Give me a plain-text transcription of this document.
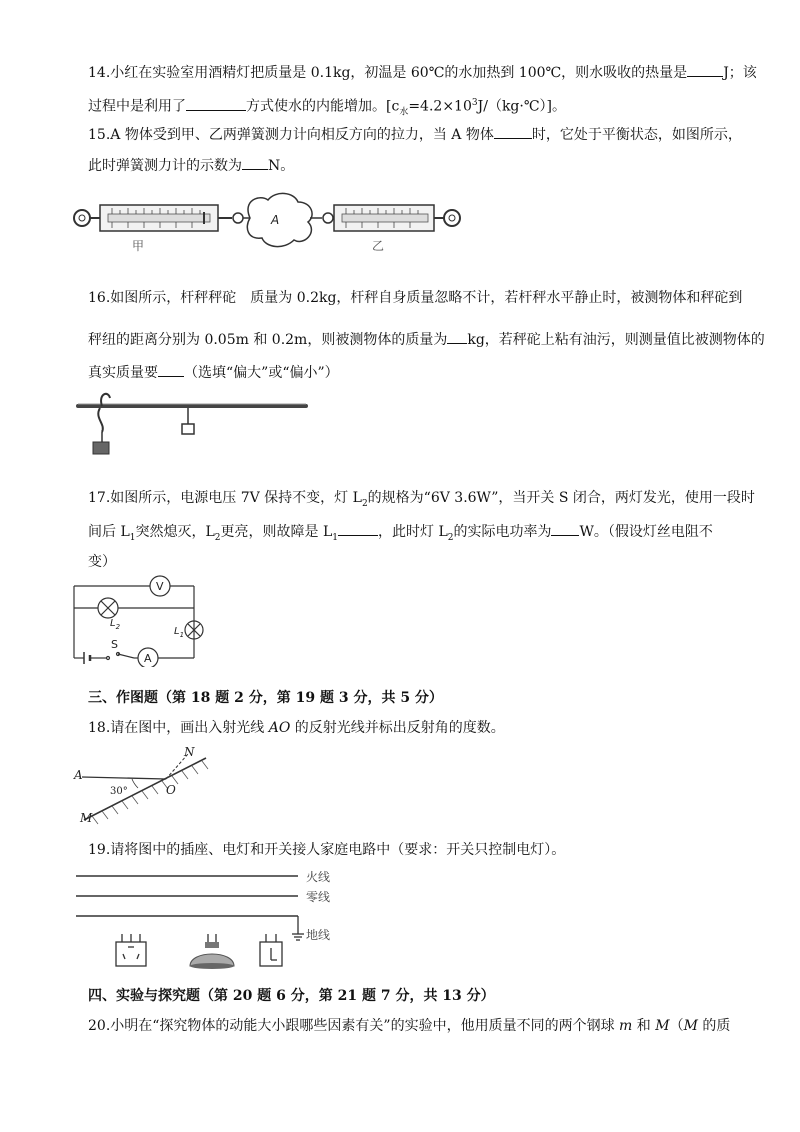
14.小红在实验室用酒精灯把质量是 0.1kg，初温是 60℃的水加热到 100℃，则水吸收的热量是	J；该
过程中是利用了	方式使水的内能增加。$[c_水=4.2\times 10^3J/(kg\cdot℃)]$。
15.A 物体受到甲、乙两弹簧测力计向相反方向的拉力，当 A 物体	时，它处于平衡状态，如图所示，
此时弹簧测力计的示数为 N。
A
甲	乙
16.如图所示，杆秤秤砣　质量为 0.2kg，杆秤自身质量忽略不计，若杆秤水平静止时，被测物体和秤砣到
秤纽的距离分别为 0.05m 和 0.2m，则被测物体的质量为 kg，若秤砣上粘有油污，则测量值比被测物体的
真实质量要 （选填“偏大”或“偏小”）
17.如图所示，电源电压 7V 保持不变，灯 $L_2$的规格为“6V 3.6W”，当开关 S 闭合，两灯发光，使用一段时
间后 $L_1$突然熄灭，$L_2$更亮，则故障是 $L_1$	，此时灯 $L_2$的实际电功率为 W。（假设灯丝电阻不
变）
V
A
S
$L_2$	$L_1$
三、作图题（第 18 题 2 分，第 19 题 3 分，共 5 分）
18.请在图中，画出入射光线 AO 的反射光线并标出反射角的度数。
A
N
O
M
30°
19.请将图中的插座、电灯和开关接人家庭电路中（要求：开关只控制电灯）。
火线
零线
地线
四、实验与探究题（第 20 题 6 分，第 21 题 7 分，共 13 分）
20.小明在“探究物体的动能大小跟哪些因素有关”的实验中，他用质量不同的两个钢球 m 和 M（M 的质
